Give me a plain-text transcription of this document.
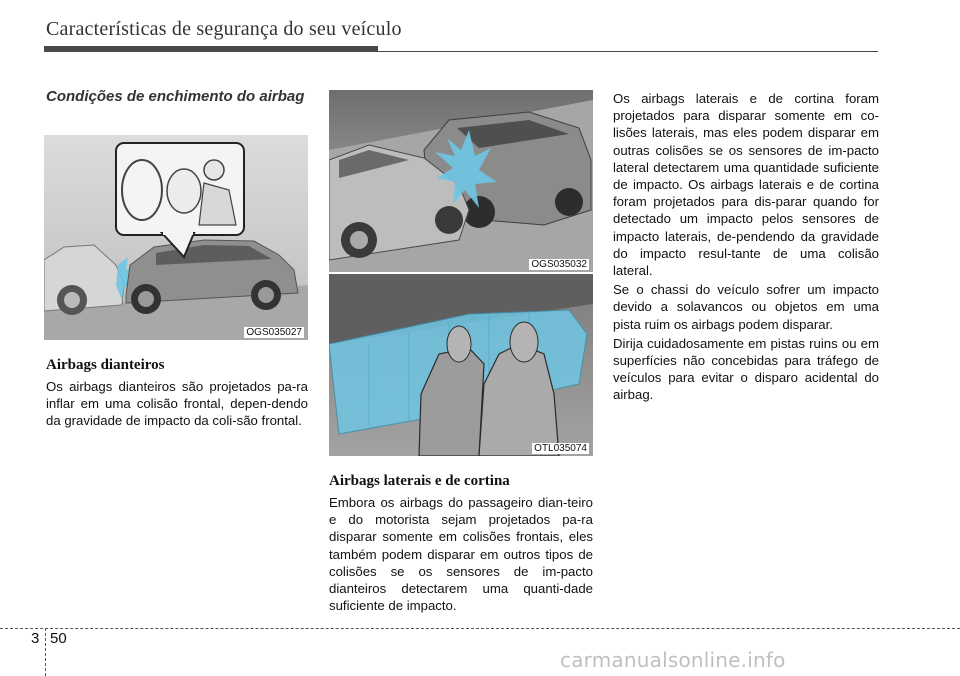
Características de segurança do seu veículo
Condições de enchimento do airbag
OGS035027
Airbags dianteiros

Os airbags dianteiros são projetados pa-ra inflar em uma colisão frontal, depen-dendo da gravidade de impacto da coli-são frontal.

OGS035032
OTL035074
Airbags laterais e de cortina

Embora os airbags do passageiro dian-teiro e do motorista sejam projetados pa-ra disparar somente em colisões frontais, eles também podem disparar em outros tipos de colisões se os sensores de im-pacto dianteiros detectarem uma quanti-dade suficiente de impacto.

Os airbags laterais e de cortina foram projetados para disparar somente em co-lisões laterais, mas eles podem disparar em outras colisões se os sensores de im-pacto lateral detectarem uma quantidade suficiente de impacto. Os airbags laterais e de cortina foram projetados para dis-parar quando for detectado um impacto pelos sensores de impacto laterais, de-pendendo da gravidade do impacto resul-tante de uma colisão lateral.

Se o chassi do veículo sofrer um impacto devido a solavancos ou objetos em uma pista ruim os airbags podem disparar.

Dirija cuidadosamente em pistas ruins ou em superfícies não concebidas para tráfego de veículos para evitar o disparo acidental do airbag.

3 50
carmanualsonline.info
